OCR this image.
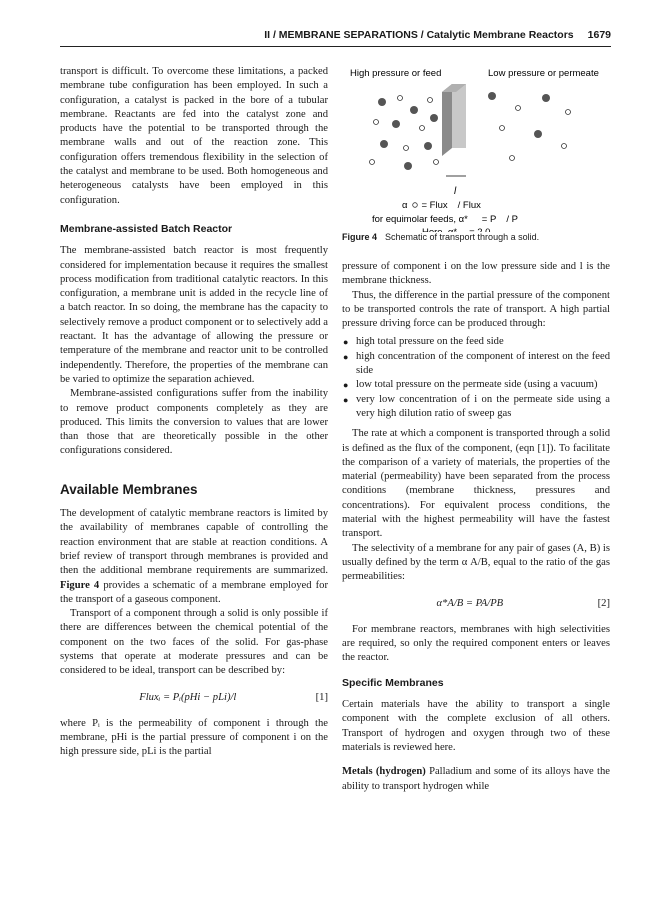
II / MEMBRANE SEPARATIONS / Catalytic Membrane Reactors 1679

transport is difficult. To overcome these limitations, a packed membrane tube configuration has been employed. In such a configuration, a catalyst is packed in the bore of a tubular membrane. Reactants are fed into the catalyst zone and products have the potential to be transported through the membrane walls and out of the reaction zone. This configuration offers tremendous flexibility in the selection of the catalyst and membrane to be used. Both homogeneous and heterogeneous catalysts have been employed in this configuration.

Membrane-assisted Batch Reactor

The membrane-assisted batch reactor is most frequently considered for implementation because it requires the smallest process modification from traditional catalytic reactors. In this configuration, a membrane unit is added in the recycle line of a batch reactor. In so doing, the membrane has the capacity to selectively remove a product component or to selectively add a reactant. It has the advantage of allowing the pressure or temperature of the membrane and reactor unit to be controlled independently. Therefore, the properties of the membrane can be varied to optimize the separation achieved.

Membrane-assisted configurations suffer from the inability to remove product components completely as they are produced. This limits the conversion to values that are lower than those that are theoretically possible in the other configurations considered.

Available Membranes

The development of catalytic membrane reactors is limited by the availability of membranes capable of controlling the reaction environment that are stable at reaction conditions. A brief review of transport through membranes is provided and then the additional membrane requirements are summarized. Figure 4 provides a schematic of a membrane employed for the transport of a gaseous component.

Transport of a component through a solid is only possible if there are differences between the chemical potential of the component on the two faces of the solid. For gas-phase systems that operate at moderate pressures and can be considered to be ideal, transport can be described by:

Fluxᵢ = Pᵢ(pHi − pLi)/l	[1]

where Pᵢ is the permeability of component i through the membrane, pHi is the partial pressure of component i on the high pressure side, pLi is the partial

High pressure or feed	Low pressure or permeate
l
α = Flux / Flux
for equimolar feeds, α* = P / P
Figure 4 Schematic of transport through a solid.

pressure of component i on the low pressure side and l is the membrane thickness.

Thus, the difference in the partial pressure of the component to be transported controls the rate of transport. A high partial pressure driving force can be produced through:

● high total pressure on the feed side
● high concentration of the component of interest on the feed side
● low total pressure on the permeate side (using a vacuum)
● very low concentration of i on the permeate side using a very high dilution ratio of sweep gas

The rate at which a component is transported through a solid is defined as the flux of the component, (eqn [1]). To facilitate the comparison of a variety of materials, the properties of the material (permeability) have been separated from the process conditions (membrane thickness, pressures and concentrations). For equivalent process conditions, the material with the highest permeability will have the fastest transport.

The selectivity of a membrane for any pair of gases (A, B) is usually defined by the term α A/B, equal to the ratio of the gas permeabilities:

α*A/B = PA/PB	[2]

For membrane reactors, membranes with high selectivities are required, so only the required component enters or leaves the reactor.

Specific Membranes

Certain materials have the ability to transport a single component with the complete exclusion of all others. Transport of hydrogen and oxygen through two of these materials is reviewed here.

Metals (hydrogen) Palladium and some of its alloys have the ability to transport hydrogen while
